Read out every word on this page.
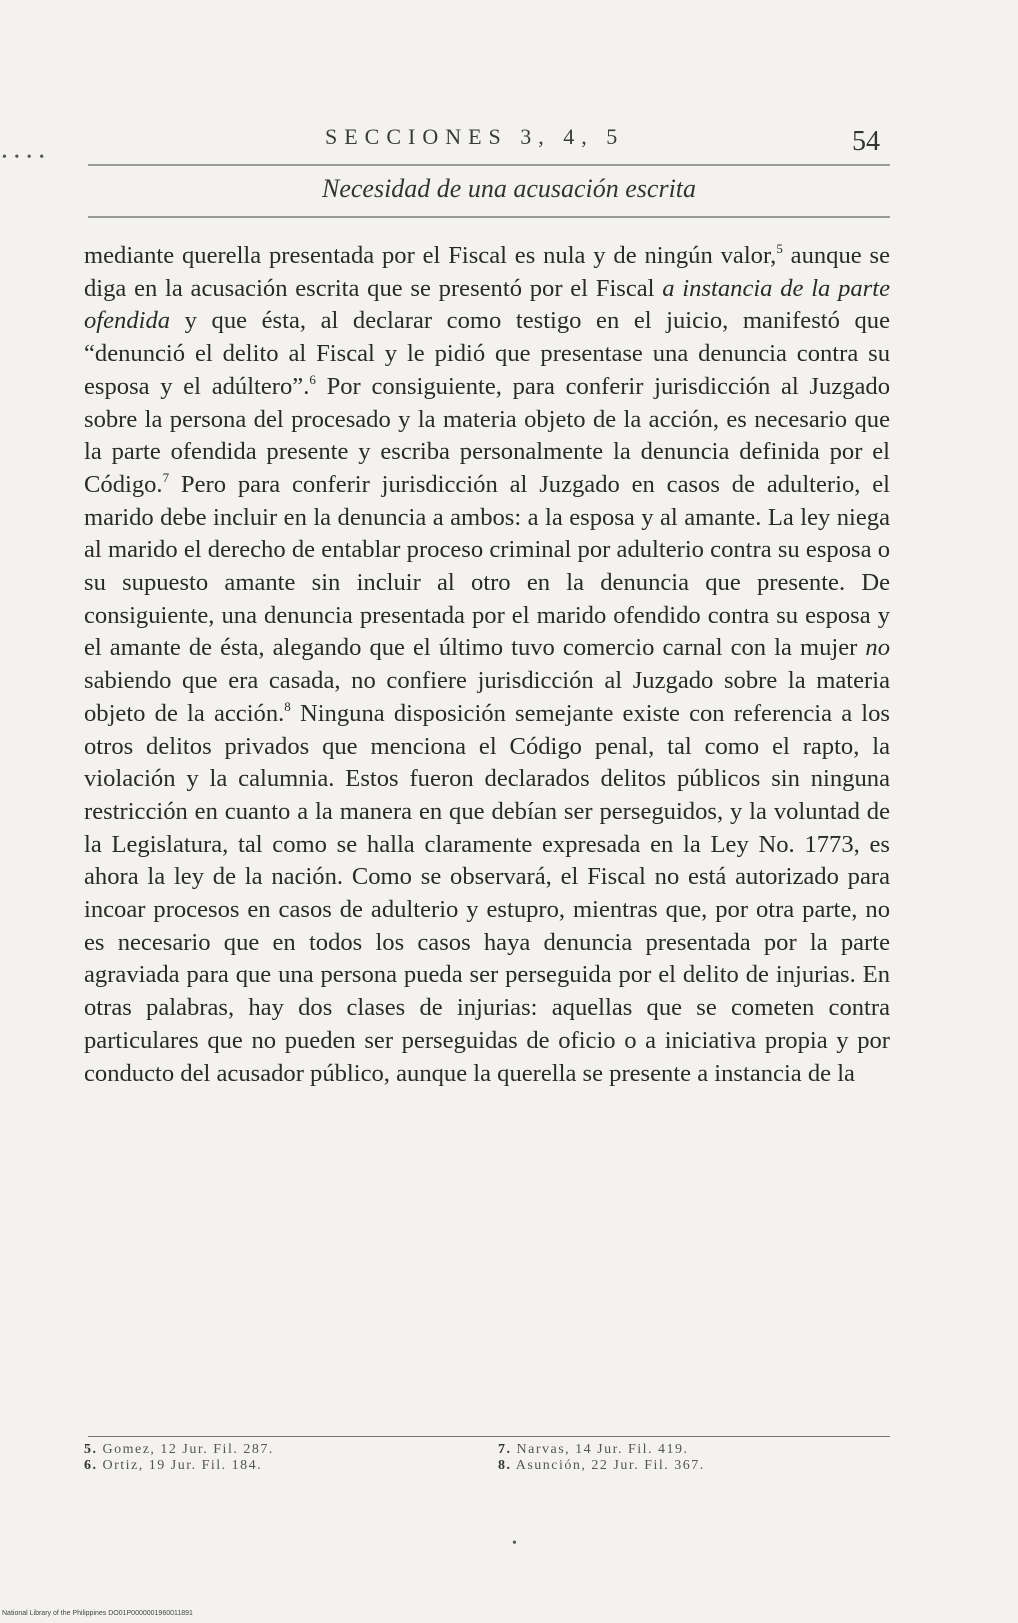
• • • •
SECCIONES 3, 4, 5	54
Necesidad de una acusación escrita

mediante querella presentada por el Fiscal es nula y de ningún valor,$^5$ aunque se diga en la acusación escrita que se presentó por el Fiscal a instancia de la parte ofendida y que ésta, al declarar como testigo en el juicio, manifestó que “denunció el delito al Fiscal y le pidió que presentase una denuncia contra su esposa y el adúltero”.$^6$ Por consiguiente, para conferir jurisdicción al Juzgado sobre la persona del procesado y la materia objeto de la acción, es necesario que la parte ofendida presente y escriba personalmente la denuncia definida por el Código.$^7$ Pero para conferir jurisdicción al Juzgado en casos de adulterio, el marido debe incluir en la denuncia a ambos: a la esposa y al amante. La ley niega al marido el derecho de entablar proceso criminal por adulterio contra su esposa o su supuesto amante sin incluir al otro en la denuncia que presente. De consiguiente, una denuncia presentada por el marido ofendido contra su esposa y el amante de ésta, alegando que el último tuvo comercio carnal con la mujer no sabiendo que era casada, no confiere jurisdicción al Juzgado sobre la materia objeto de la acción.$^8$ Ninguna disposición semejante existe con referencia a los otros delitos privados que menciona el Código penal, tal como el rapto, la violación y la calumnia. Estos fueron declarados delitos públicos sin ninguna restricción en cuanto a la manera en que debían ser perseguidos, y la voluntad de la Legislatura, tal como se halla claramente expresada en la Ley No. 1773, es ahora la ley de la nación. Como se observará, el Fiscal no está autorizado para incoar procesos en casos de adulterio y estupro, mientras que, por otra parte, no es necesario que en todos los casos haya denuncia presentada por la parte agraviada para que una persona pueda ser perseguida por el delito de injurias. En otras palabras, hay dos clases de injurias: aquellas que se cometen contra particulares que no pueden ser perseguidas de oficio o a iniciativa propia y por conducto del acusador público, aunque la querella se presente a instancia de la

5. Gomez, 12 Jur. Fil. 287.
6. Ortiz, 19 Jur. Fil. 184.
7. Narvas, 14 Jur. Fil. 419.
8. Asunción, 22 Jur. Fil. 367.
•
National Library of the Philippines DO01P0000001960011891
